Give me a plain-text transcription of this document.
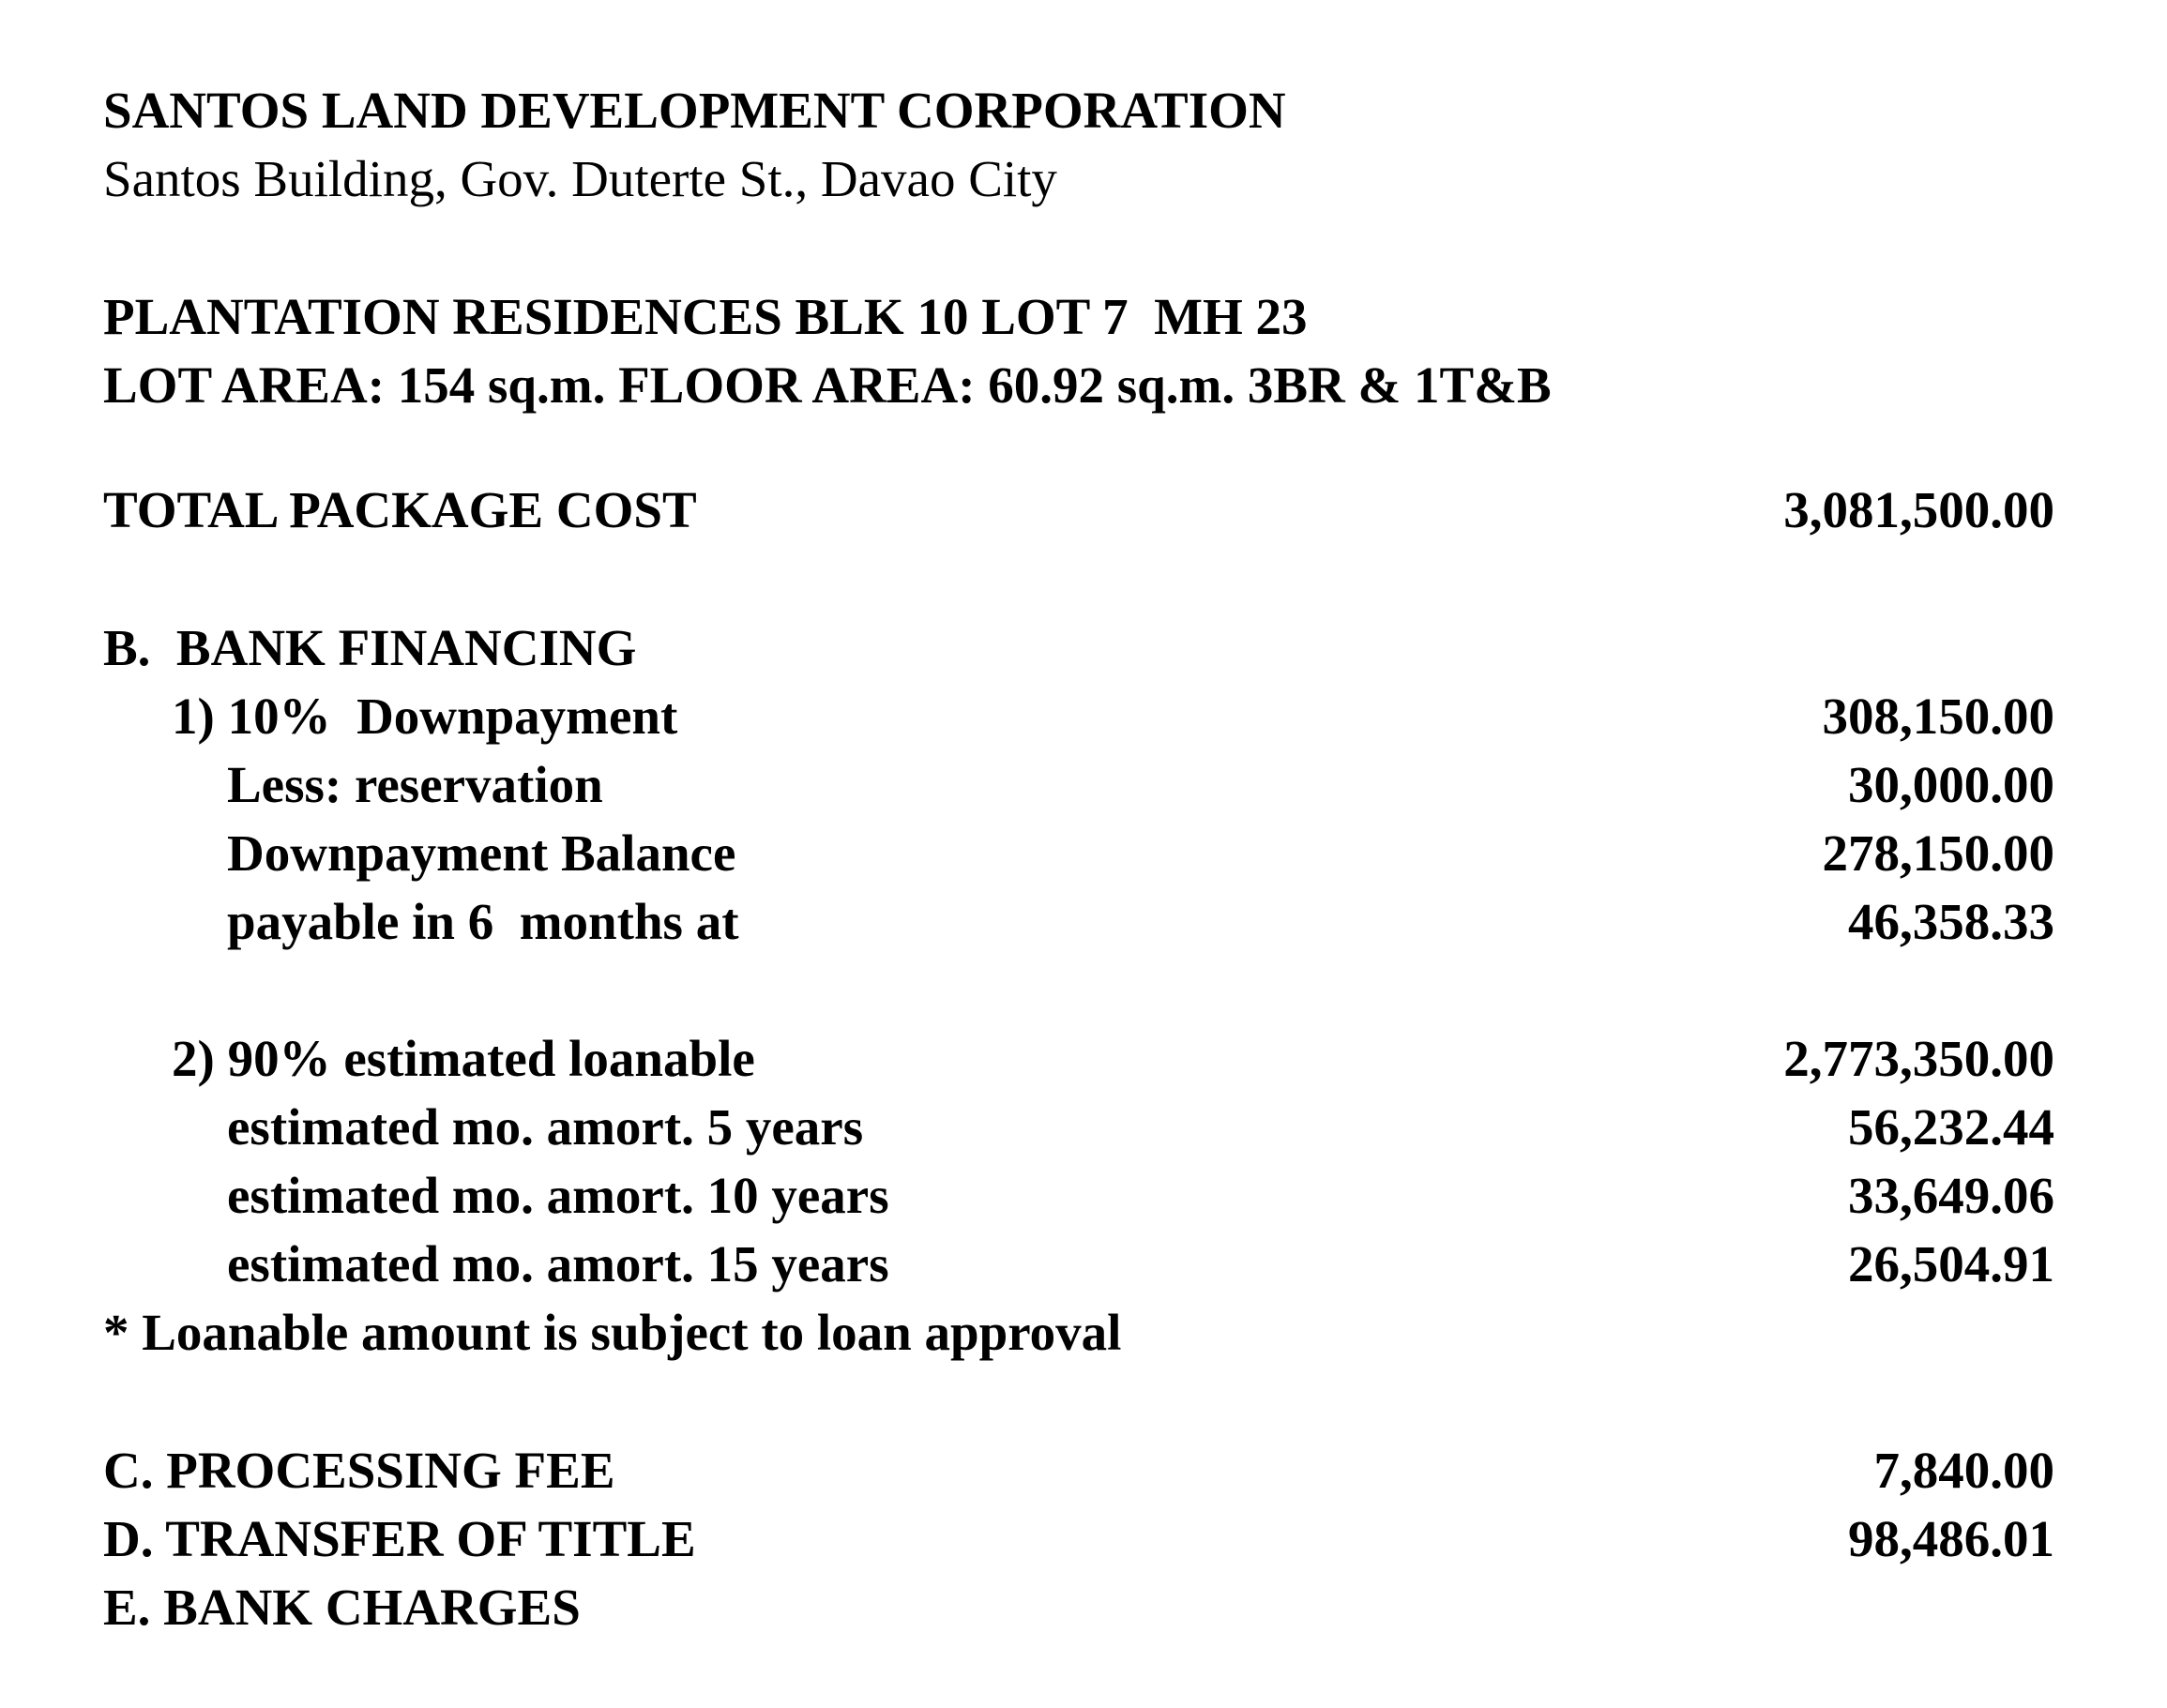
SANTOS LAND DEVELOPMENT CORPORATION
Santos Building, Gov. Duterte St., Davao City
PLANTATION RESIDENCES BLK 10 LOT 7  MH 23
LOT AREA: 154 sq.m. FLOOR AREA: 60.92 sq.m. 3BR & 1T&B
TOTAL PACKAGE COST	3,081,500.00
B.  BANK FINANCING
1) 10%  Downpayment	308,150.00
Less: reservation	30,000.00
Downpayment Balance	278,150.00
payable in 6  months at	46,358.33
2) 90% estimated loanable	2,773,350.00
estimated mo. amort. 5 years	56,232.44
estimated mo. amort. 10 years	33,649.06
estimated mo. amort. 15 years	26,504.91
* Loanable amount is subject to loan approval
C. PROCESSING FEE	7,840.00
D. TRANSFER OF TITLE	98,486.01
E. BANK CHARGES
